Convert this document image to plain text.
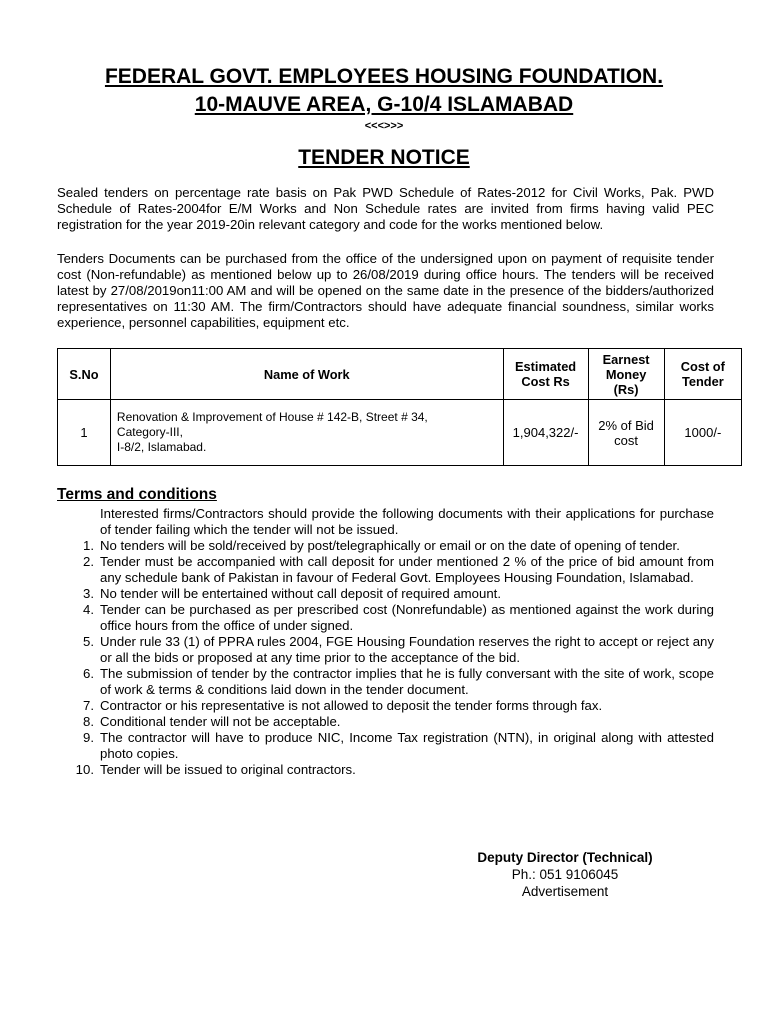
FEDERAL GOVT. EMPLOYEES HOUSING FOUNDATION.
10-MAUVE AREA, G-10/4 ISLAMABAD
<<<>>>
TENDER NOTICE
Sealed tenders on percentage rate basis on Pak PWD Schedule of Rates-2012 for Civil Works, Pak. PWD Schedule of Rates-2004for E/M Works and Non Schedule rates are invited from firms having valid PEC registration for the year 2019-20in relevant category and code for the works mentioned below.
Tenders Documents can be purchased from the office of the undersigned upon on payment of requisite tender cost (Non-refundable) as mentioned below up to 26/08/2019 during office hours. The tenders will be received latest by 27/08/2019on11:00 AM and will be opened on the same date in the presence of the bidders/authorized representatives on 11:30 AM. The firm/Contractors should have adequate financial soundness, similar works experience, personnel capabilities, equipment etc.
S.No	Name of Work	Estimated Cost Rs	Earnest Money (Rs)	Cost of Tender
1	Renovation & Improvement of House # 142-B, Street # 34,
Category-III,
I-8/2, Islamabad.	1,904,322/-	2% of Bid cost	1000/-
Terms and conditions
Interested firms/Contractors should provide the following documents with their applications for purchase of tender failing which the tender will not be issued.
1. No tenders will be sold/received by post/telegraphically or email or on the date of opening of tender.
2. Tender must be accompanied with call deposit for under mentioned 2 % of the price of bid amount from any schedule bank of Pakistan in favour of Federal Govt. Employees Housing Foundation, Islamabad.
3. No tender will be entertained without call deposit of required amount.
4. Tender can be purchased as per prescribed cost (Nonrefundable) as mentioned against the work during office hours from the office of under signed.
5. Under rule 33 (1) of PPRA rules 2004, FGE Housing Foundation reserves the right to accept or reject any or all the bids or proposed at any time prior to the acceptance of the bid.
6. The submission of tender by the contractor implies that he is fully conversant with the site of work, scope of work & terms & conditions laid down in the tender document.
7. Contractor or his representative is not allowed to deposit the tender forms through fax.
8. Conditional tender will not be acceptable.
9. The contractor will have to produce NIC, Income Tax registration (NTN), in original along with attested photo copies.
10. Tender will be issued to original contractors.
Deputy Director (Technical)
Ph.: 051 9106045
Advertisement
